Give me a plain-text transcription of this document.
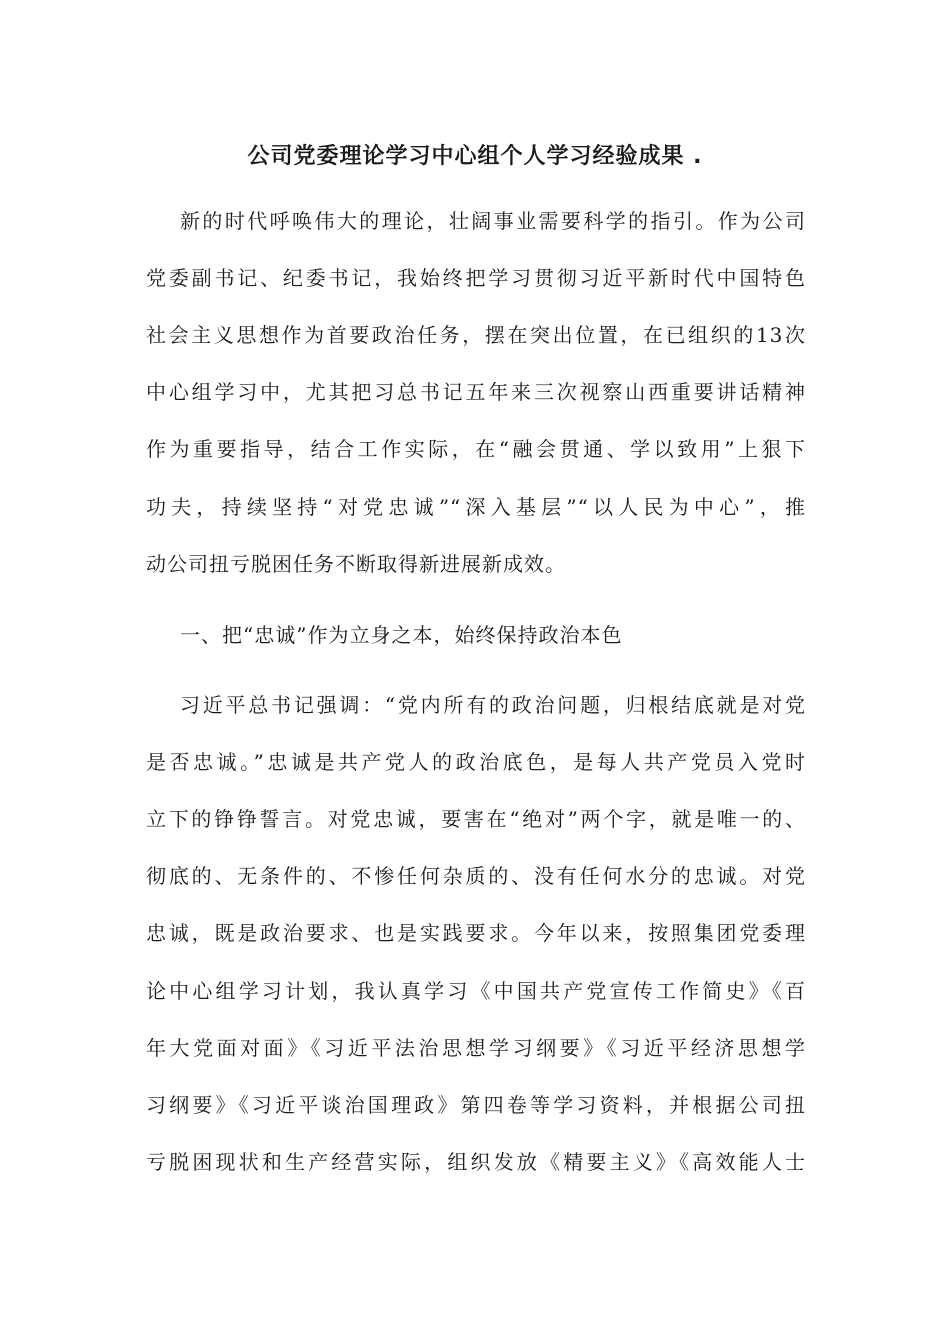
公司党委理论学习中心组个人学习经验成果 .
新的时代呼唤伟大的理论，壮阔事业需要科学的指引。作为公司
党委副书记、纪委书记，我始终把学习贯彻习近平新时代中国特色
社会主义思想作为首要政治任务，摆在突出位置，在已组织的13次
中心组学习中，尤其把习总书记五年来三次视察山西重要讲话精神
作为重要指导，结合工作实际，在“融会贯通、学以致用”上狠下
功夫，持续坚持“对党忠诚”“深入基层”“以人民为中心”，推
动公司扭亏脱困任务不断取得新进展新成效。
一、把“忠诚”作为立身之本，始终保持政治本色
习近平总书记强调：“党内所有的政治问题，归根结底就是对党
是否忠诚。”忠诚是共产党人的政治底色，是每人共产党员入党时
立下的铮铮誓言。对党忠诚，要害在“绝对”两个字，就是唯一的、
彻底的、无条件的、不惨任何杂质的、没有任何水分的忠诚。对党
忠诚，既是政治要求、也是实践要求。今年以来，按照集团党委理
论中心组学习计划，我认真学习《中国共产党宣传工作简史》《百
年大党面对面》《习近平法治思想学习纲要》《习近平经济思想学
习纲要》《习近平谈治国理政》第四卷等学习资料，并根据公司扭
亏脱困现状和生产经营实际，组织发放《精要主义》《高效能人士
